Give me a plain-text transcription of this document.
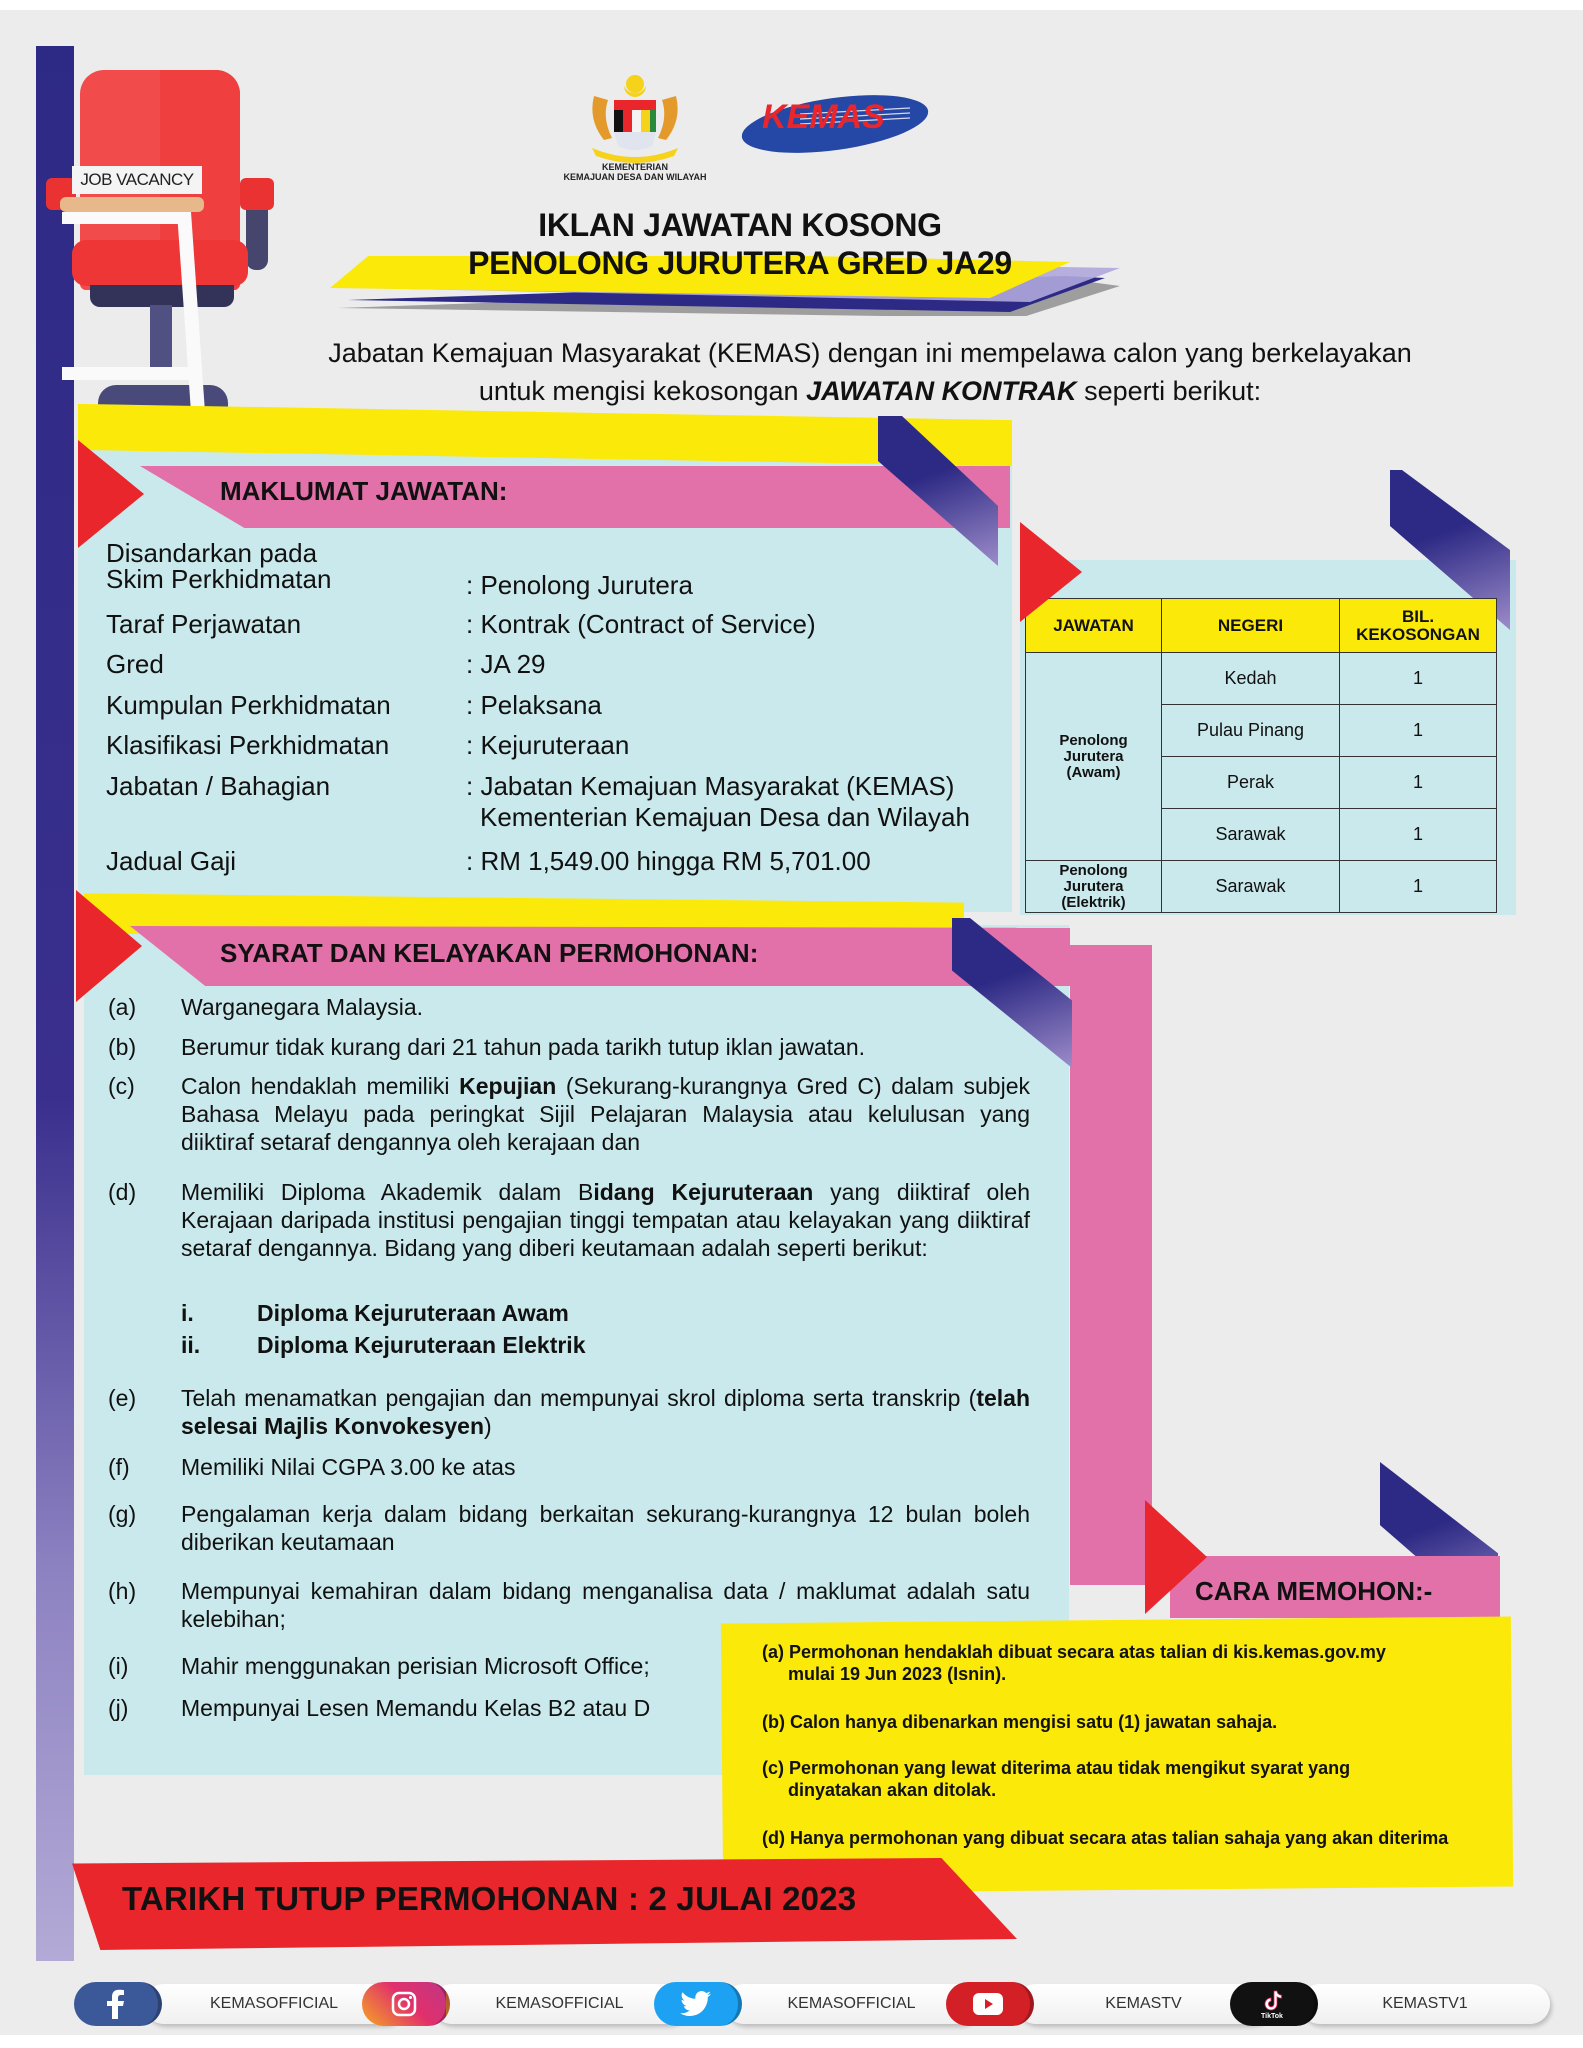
JOB VACANCY
KEMENTERIAN
KEMAJUAN DESA DAN WILAYAH
KEMAS
IKLAN JAWATAN KOSONG
PENOLONG JURUTERA GRED JA29
Jabatan Kemajuan Masyarakat (KEMAS) dengan ini mempelawa calon yang berkelayakan
untuk mengisi kekosongan JAWATAN KONTRAK seperti berikut:
MAKLUMAT JAWATAN:
Disandarkan pada
Skim Perkhidmatan	: Penolong Jurutera
Taraf Perjawatan	: Kontrak (Contract of Service)
Gred	: JA 29
Kumpulan Perkhidmatan	: Pelaksana
Klasifikasi Perkhidmatan	: Kejuruteraan
Jabatan / Bahagian	: Jabatan Kemajuan Masyarakat (KEMAS)
Kementerian Kemajuan Desa dan Wilayah
Jadual Gaji	: RM 1,549.00 hingga RM 5,701.00
JAWATAN	NEGERI	BIL.
KEKOSONGAN
Penolong
Jurutera
(Awam)	Kedah	1
	Pulau Pinang	1
	Perak	1
	Sarawak	1
Penolong
Jurutera
(Elektrik)	Sarawak	1
SYARAT DAN KELAYAKAN PERMOHONAN:
(a)	Warganegara Malaysia.
(b)	Berumur tidak kurang dari 21 tahun pada tarikh tutup iklan jawatan.
(c)	Calon hendaklah memiliki Kepujian (Sekurang-kurangnya Gred C) dalam subjek Bahasa Melayu pada peringkat Sijil Pelajaran Malaysia atau kelulusan yang diiktiraf setaraf dengannya oleh kerajaan dan
(d)	Memiliki Diploma Akademik dalam Bidang Kejuruteraan yang diiktiraf oleh Kerajaan daripada institusi pengajian tinggi tempatan atau kelayakan yang diiktiraf setaraf dengannya. Bidang yang diberi keutamaan adalah seperti berikut:
i.	Diploma Kejuruteraan Awam
ii. Diploma Kejuruteraan Elektrik
(e)	Telah menamatkan pengajian dan mempunyai skrol diploma serta transkrip (telah selesai Majlis Konvokesyen)
(f)	Memiliki Nilai CGPA 3.00 ke atas
(g)	Pengalaman kerja dalam bidang berkaitan sekurang-kurangnya 12 bulan boleh diberikan keutamaan
(h)	Mempunyai kemahiran dalam bidang menganalisa data / maklumat adalah satu kelebihan;
(i)	Mahir menggunakan perisian Microsoft Office;
(j)	Mempunyai Lesen Memandu Kelas B2 atau D
CARA MEMOHON:-
(a) Permohonan hendaklah dibuat secara atas talian di kis.kemas.gov.my
mulai 19 Jun 2023 (Isnin).
(b) Calon hanya dibenarkan mengisi satu (1) jawatan sahaja.
(c) Permohonan yang lewat diterima atau tidak mengikut syarat yang
dinyatakan akan ditolak.
(d) Hanya permohonan yang dibuat secara atas talian sahaja yang akan diterima
TARIKH TUTUP PERMOHONAN : 2 JULAI 2023
KEMASOFFICIAL	KEMASOFFICIAL	KEMASOFFICIAL	KEMASTV
TikTok
KEMASTV1
